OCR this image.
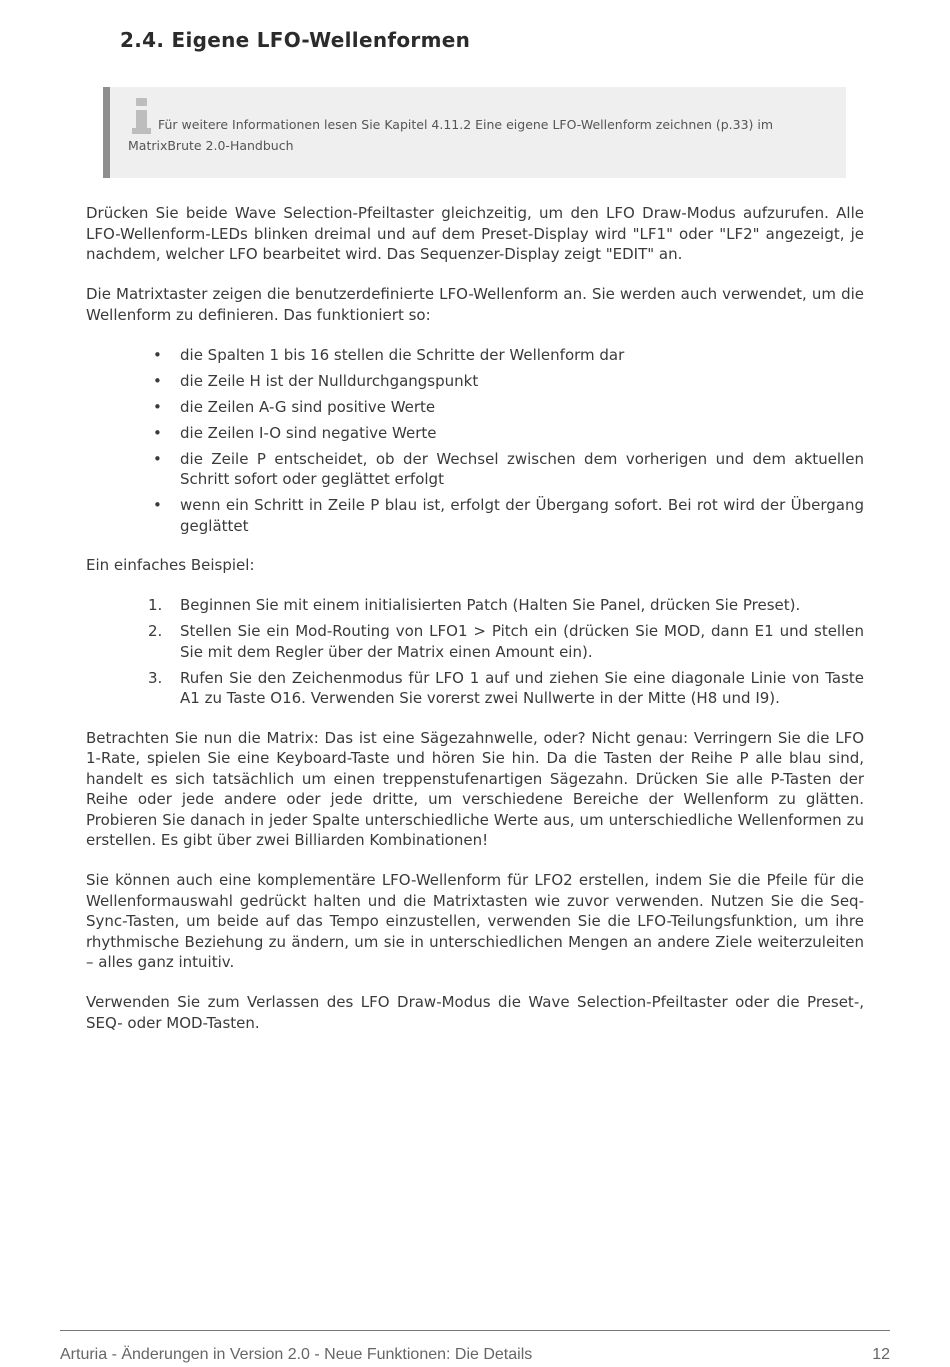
2.4. Eigene LFO-Wellenformen
Für weitere Informationen lesen Sie Kapitel 4.11.2 Eine eigene LFO-Wellenform zeichnen (p.33) im
MatrixBrute 2.0-Handbuch

Drücken Sie beide Wave Selection-Pfeiltaster gleichzeitig, um den LFO Draw-Modus aufzurufen. Alle LFO-Wellenform-LEDs blinken dreimal und auf dem Preset-Display wird "LF1" oder "LF2" angezeigt, je nachdem, welcher LFO bearbeitet wird. Das Sequenzer-Display zeigt "EDIT" an.

Die Matrixtaster zeigen die benutzerdefinierte LFO-Wellenform an. Sie werden auch verwendet, um die Wellenform zu definieren. Das funktioniert so:

• die Spalten 1 bis 16 stellen die Schritte der Wellenform dar
• die Zeile H ist der Nulldurchgangspunkt
• die Zeilen A-G sind positive Werte
• die Zeilen I-O sind negative Werte
• die Zeile P entscheidet, ob der Wechsel zwischen dem vorherigen und dem aktuellen Schritt sofort oder geglättet erfolgt
• wenn ein Schritt in Zeile P blau ist, erfolgt der Übergang sofort. Bei rot wird der Übergang geglättet

Ein einfaches Beispiel:

1. Beginnen Sie mit einem initialisierten Patch (Halten Sie Panel, drücken Sie Preset).
2. Stellen Sie ein Mod-Routing von LFO1 > Pitch ein (drücken Sie MOD, dann E1 und stellen Sie mit dem Regler über der Matrix einen Amount ein).
3. Rufen Sie den Zeichenmodus für LFO 1 auf und ziehen Sie eine diagonale Linie von Taste A1 zu Taste O16. Verwenden Sie vorerst zwei Nullwerte in der Mitte (H8 und I9).

Betrachten Sie nun die Matrix: Das ist eine Sägezahnwelle, oder? Nicht genau: Verringern Sie die LFO 1-Rate, spielen Sie eine Keyboard-Taste und hören Sie hin. Da die Tasten der Reihe P alle blau sind, handelt es sich tatsächlich um einen treppenstufenartigen Sägezahn. Drücken Sie alle P-Tasten der Reihe oder jede andere oder jede dritte, um verschiedene Bereiche der Wellenform zu glätten. Probieren Sie danach in jeder Spalte unterschiedliche Werte aus, um unterschiedliche Wellenformen zu erstellen. Es gibt über zwei Billiarden Kombinationen!

Sie können auch eine komplementäre LFO-Wellenform für LFO2 erstellen, indem Sie die Pfeile für die Wellenformauswahl gedrückt halten und die Matrixtasten wie zuvor verwenden. Nutzen Sie die Seq-Sync-Tasten, um beide auf das Tempo einzustellen, verwenden Sie die LFO-Teilungsfunktion, um ihre rhythmische Beziehung zu ändern, um sie in unterschiedlichen Mengen an andere Ziele weiterzuleiten – alles ganz intuitiv.

Verwenden Sie zum Verlassen des LFO Draw-Modus die Wave Selection-Pfeiltaster oder die Preset-, SEQ- oder MOD-Tasten.

Arturia - Änderungen in Version 2.0 - Neue Funktionen: Die Details	12
